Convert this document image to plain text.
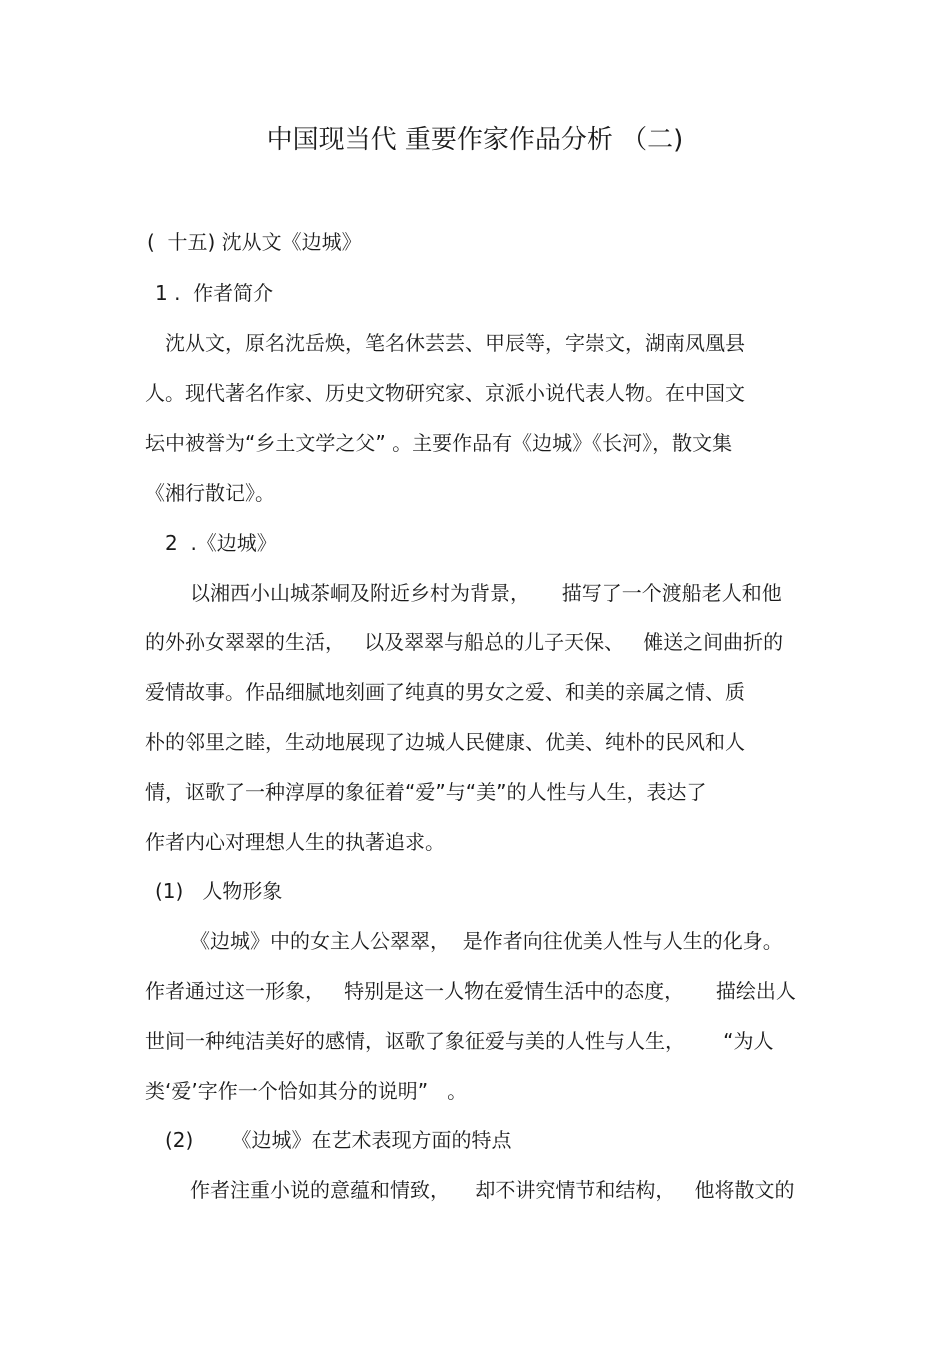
中国现当代 重要作家作品分析 （二)
(  十五) 沈从文《边城》
1 .  作者简介
沈从文，原名沈岳焕，笔名休芸芸、甲辰等，字崇文，湖南凤凰县
人。现代著名作家、历史文物研究家、京派小说代表人物。在中国文
坛中被誉为“乡土文学之父” 。主要作品有《边城》《长河》，散文集
《湘行散记》。
2  .《边城》
以湘西小山城茶峒及附近乡村为背景，     描写了一个渡船老人和他
的外孙女翠翠的生活，   以及翠翠与船总的儿子天保、   傩送之间曲折的
爱情故事。作品细腻地刻画了纯真的男女之爱、和美的亲属之情、质
朴的邻里之睦，生动地展现了边城人民健康、优美、纯朴的民风和人
情，讴歌了一种淳厚的象征着“爱”与“美”的人性与人生，表达了
作者内心对理想人生的执著追求。
(1)   人物形象
《边城》中的女主人公翠翠，  是作者向往优美人性与人生的化身。
作者通过这一形象，   特别是这一人物在爱情生活中的态度，     描绘出人
世间一种纯洁美好的感情，讴歌了象征爱与美的人性与人生，      “为人
类‘爱’字作一个恰如其分的说明”   。
(2)      《边城》在艺术表现方面的特点
作者注重小说的意蕴和情致，    却不讲究情节和结构，   他将散文的
